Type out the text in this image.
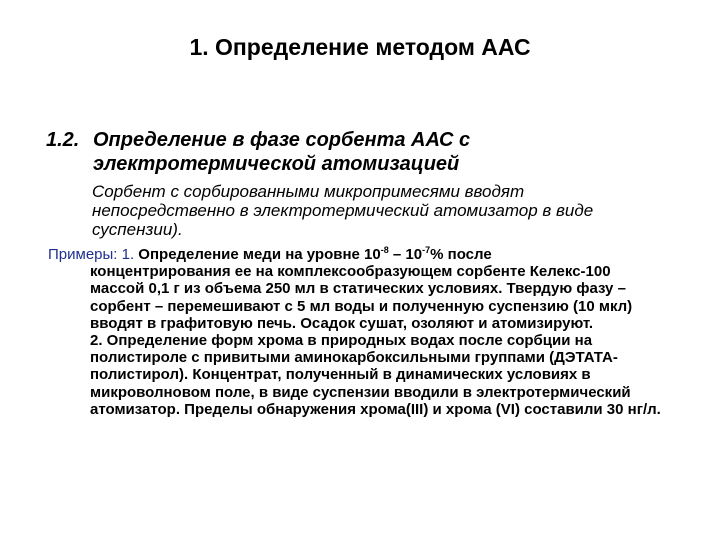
1. Определение методом ААС
1.2. Определение в фазе сорбента ААС с
электротермической атомизацией
Сорбент с сорбированными микропримесями вводят непосредственно в электротермический атомизатор в виде суспензии).
Примеры: 1. Определение меди на уровне $10^{-8} - 10^{-7}\%$ после
концентрирования ее на комплексообразующем сорбенте Келекс-100 массой 0,1 г из объема 250 мл в статических условиях. Твердую фазу – сорбент – перемешивают с 5 мл воды и полученную суспензию (10 мкл) вводят в графитовую печь. Осадок сушат, озоляют и атомизируют.
2. Определение форм хрома в природных водах после сорбции на полистироле с привитыми аминокарбоксильными группами (ДЭТАТА-полистирол). Концентрат, полученный в динамических условиях в микроволновом поле, в виде суспензии вводили в электротермический атомизатор. Пределы обнаружения хрома(III) и хрома (VI) составили 30 нг/л.
